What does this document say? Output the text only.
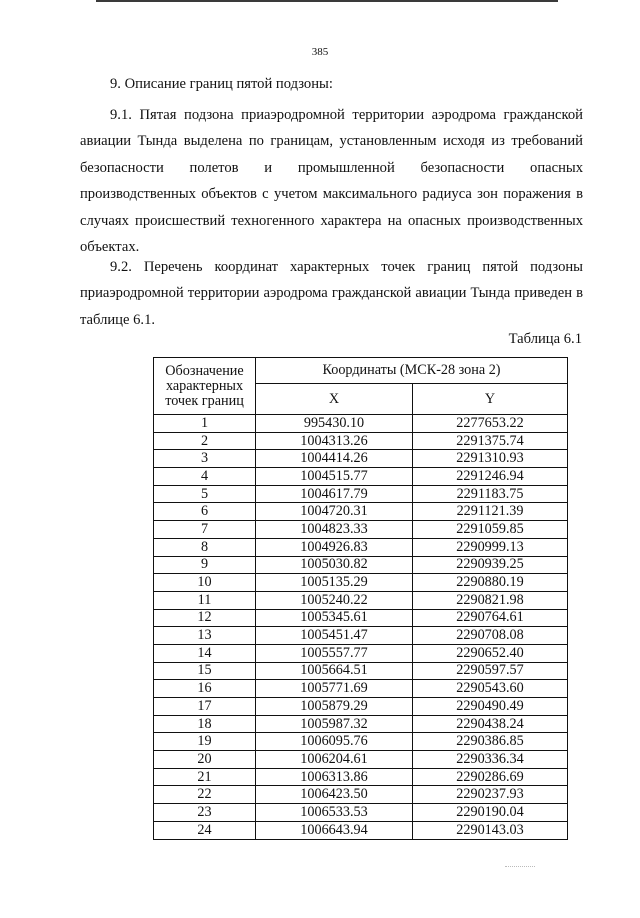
385

9. Описание границ пятой подзоны:

9.1. Пятая подзона приаэродромной территории аэродрома гражданской авиации Тында выделена по границам, установленным исходя из требований безопасности полетов и промышленной безопасности опасных производственных объектов с учетом максимального радиуса зон поражения в случаях происшествий техногенного характера на опасных производственных объектах.

9.2. Перечень координат характерных точек границ пятой подзоны приаэродромной территории аэродрома гражданской авиации Тында приведен в таблице 6.1.

Таблица 6.1

Обозначение характерных точек границ	Координаты (МСК-28 зона 2)	
	X	Y
1	995430.10	2277653.22
2	1004313.26	2291375.74
3	1004414.26	2291310.93
4	1004515.77	2291246.94
5	1004617.79	2291183.75
6	1004720.31	2291121.39
7	1004823.33	2291059.85
8	1004926.83	2290999.13
9	1005030.82	2290939.25
10	1005135.29	2290880.19
11	1005240.22	2290821.98
12	1005345.61	2290764.61
13	1005451.47	2290708.08
14	1005557.77	2290652.40
15	1005664.51	2290597.57
16	1005771.69	2290543.60
17	1005879.29	2290490.49
18	1005987.32	2290438.24
19	1006095.76	2290386.85
20	1006204.61	2290336.34
21	1006313.86	2290286.69
22	1006423.50	2290237.93
23	1006533.53	2290190.04
24	1006643.94	2290143.03
